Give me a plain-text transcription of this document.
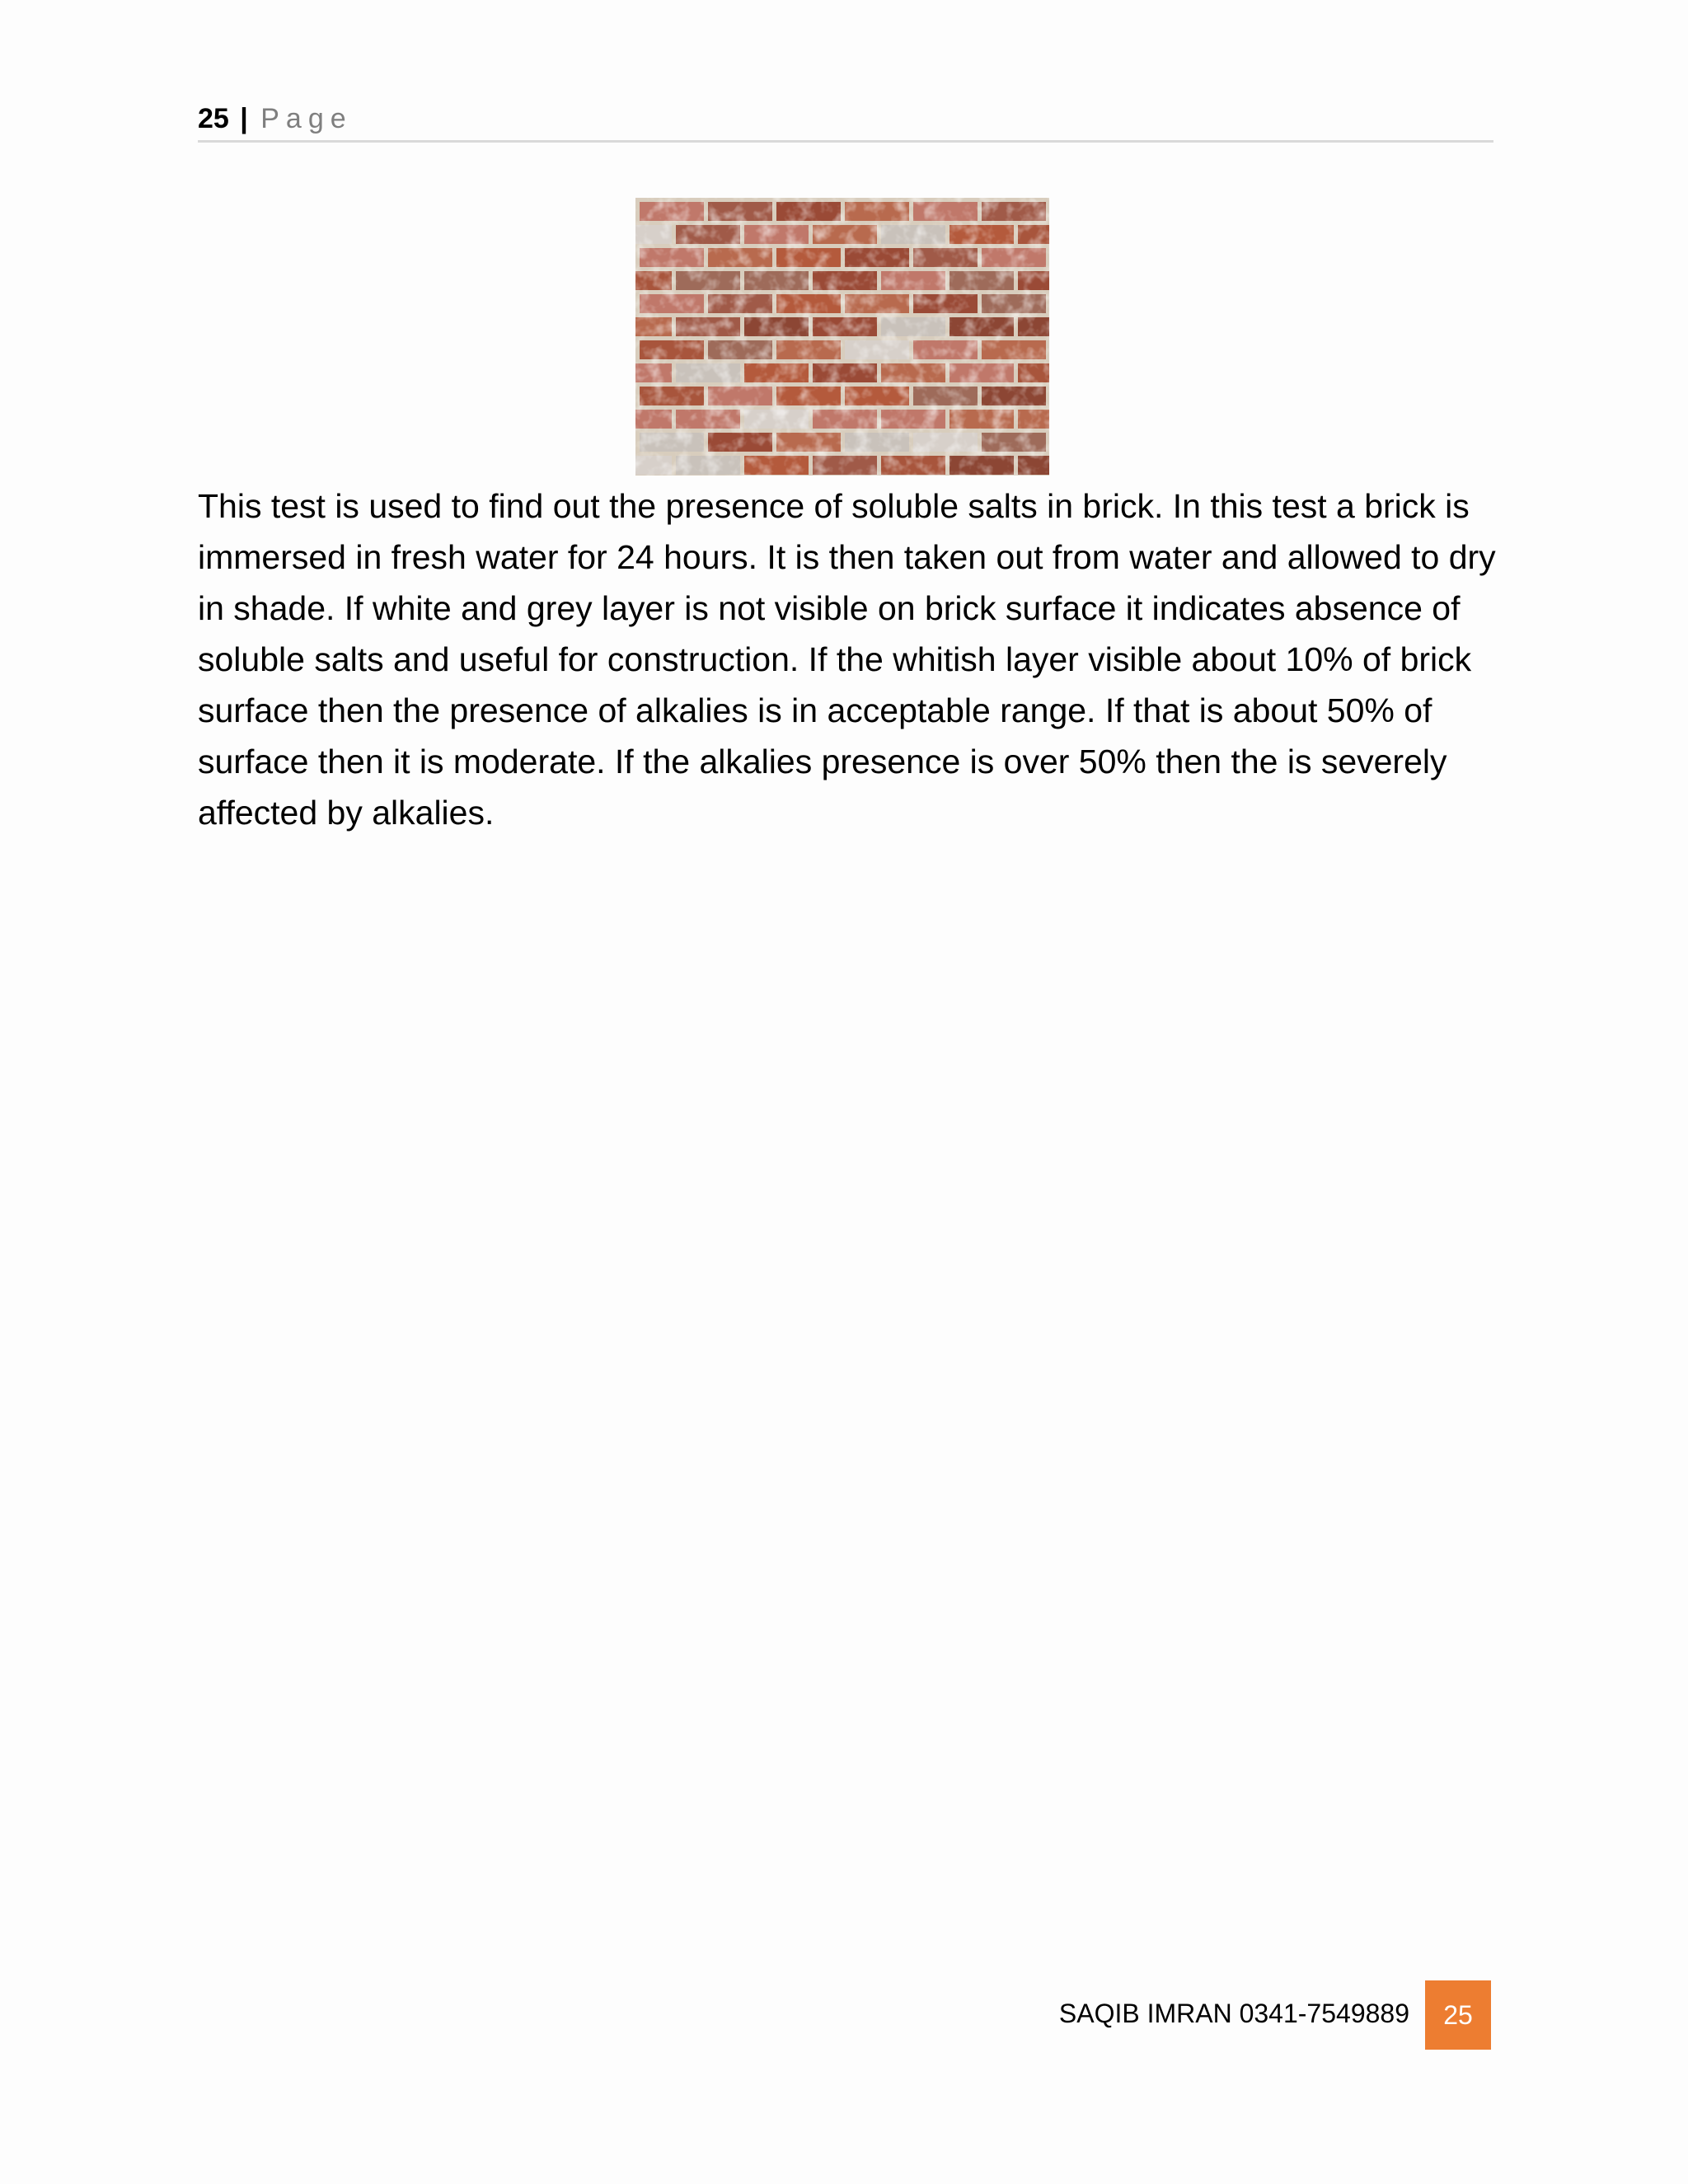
25 | Page

This test is used to find out the presence of soluble salts in brick. In this test a brick is immersed in fresh water for 24 hours. It is then taken out from water and allowed to dry in shade. If white and grey layer is not visible on brick surface it indicates absence of soluble salts and useful for construction. If the whitish layer visible about 10% of brick surface then the presence of alkalies is in acceptable range. If that is about 50% of surface then it is moderate. If the alkalies presence is over 50% then the is severely affected by alkalies.

SAQIB IMRAN 0341-7549889	25
